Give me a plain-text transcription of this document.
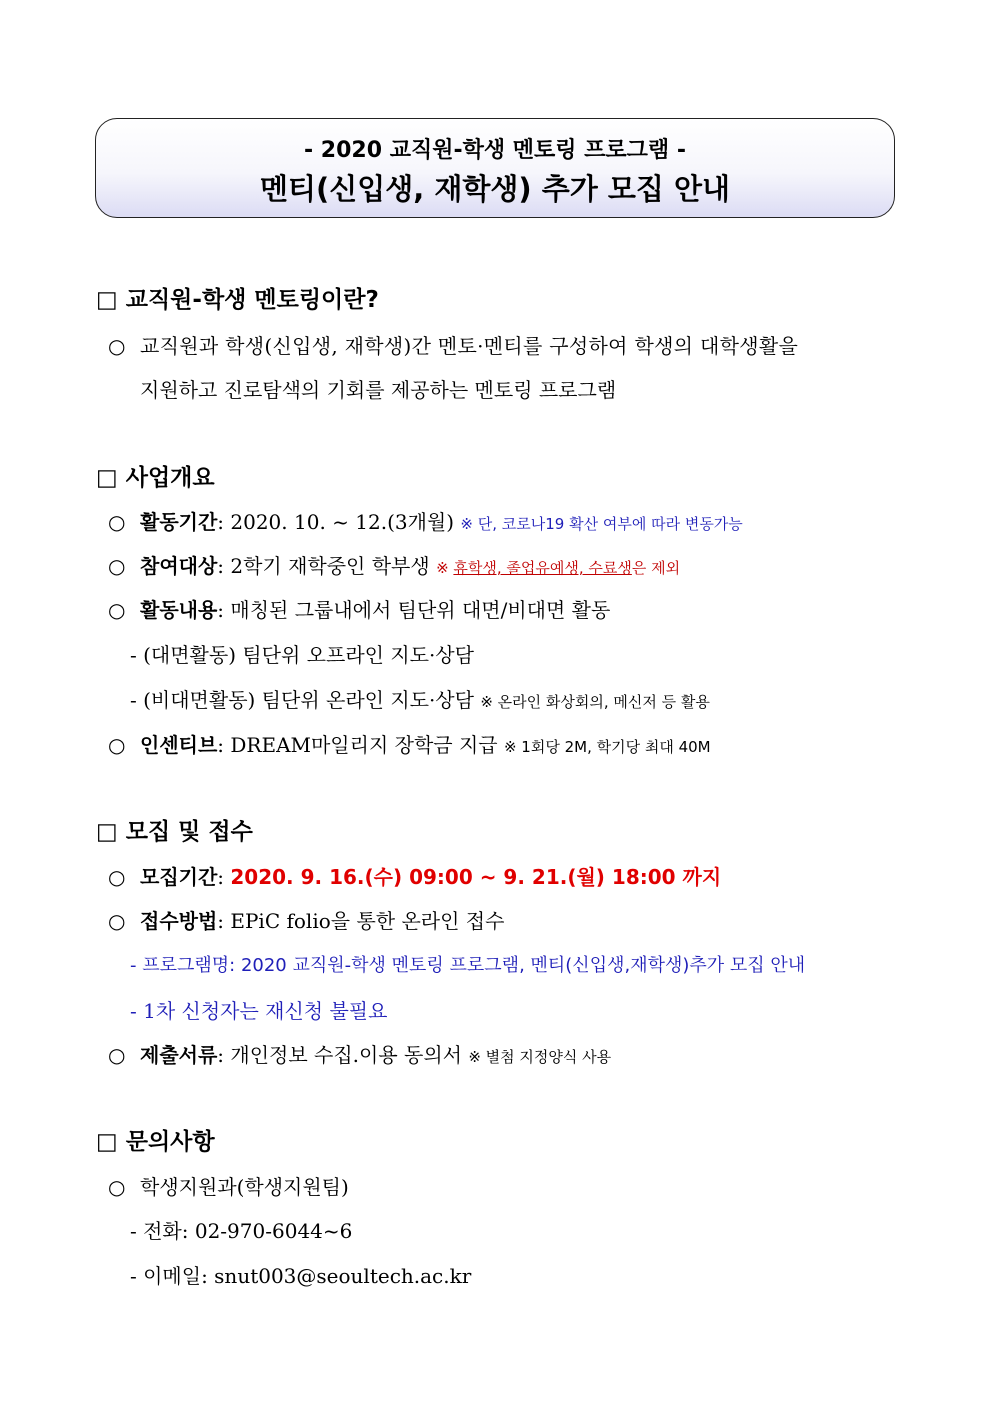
- 2020 교직원-학생 멘토링 프로그램 -
멘티(신입생, 재학생) 추가 모집 안내
□ 교직원-학생 멘토링이란?
○ 교직원과 학생(신입생, 재학생)간 멘토·멘티를 구성하여 학생의 대학생활을
지원하고 진로탐색의 기회를 제공하는 멘토링 프로그램
□ 사업개요
○ 활동기간: 2020. 10. ~ 12.(3개월) ※ 단, 코로나19 확산 여부에 따라 변동가능
○ 참여대상: 2학기 재학중인 학부생 ※ 휴학생, 졸업유예생, 수료생은 제외
○ 활동내용: 매칭된 그룹내에서 팀단위 대면/비대면 활동
- (대면활동) 팀단위 오프라인 지도·상담
- (비대면활동) 팀단위 온라인 지도·상담 ※ 온라인 화상회의, 메신저 등 활용
○ 인센티브: DREAM마일리지 장학금 지급 ※ 1회당 2M, 학기당 최대 40M
□ 모집 및 접수
○ 모집기간: 2020. 9. 16.(수) 09:00 ~ 9. 21.(월) 18:00 까지
○ 접수방법: EPiC folio을 통한 온라인 접수
- 프로그램명: 2020 교직원-학생 멘토링 프로그램, 멘티(신입생,재학생)추가 모집 안내
- 1차 신청자는 재신청 불필요
○ 제출서류: 개인정보 수집.이용 동의서 ※ 별첨 지정양식 사용
□ 문의사항
○ 학생지원과(학생지원팀)
- 전화: 02-970-6044~6
- 이메일: snut003@seoultech.ac.kr
